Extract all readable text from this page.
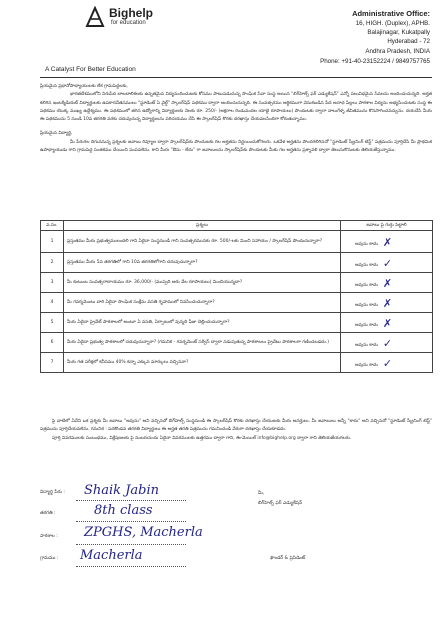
Bighelp
for education
A Catalyst For Better Education
Administrative Office:
16, HIGH. (Duplex), APHB.
Balajinagar, Kukatpally
Hyderabad - 72
Andhra Pradesh, INDIA
Phone: +91-40-23152224 / 9849757765

ప్రియమైన ప్రధానోపాధ్యాయులకు లేక గ్రామపెద్దలకు,

భారతదేశములోని నిరుపేద బాలబాలికలకు ఉన్నతమైన విద్యనందించుటకు కోసము పాటుపడుచున్న సాంఘిక సేవా సంస్థ అయిన "బిగ్‌హెల్ప్ ఫర్ ఎడ్యుకేషన్" ఎన్నో పలువిధమైన సేవలను అందించుచున్నది. అర్హత కలిగిన ఇంటర్మీడియట్ విద్యార్థులకు ఉపకారవేతనములు "స్టూడెంట్ ఏ వైల్డ్" స్కాలర్‌షిప్ పథకము ద్వారా అందించుచున్నది. ఈ సంవత్సరము ఆర్థికముగా వెనుకబడిన పేద అనాధ పిల్లలు పాఠశాల విద్యను అభ్యసించుటకు సంస్థ ఈ పథకము యొక్క ముఖ్య ఉద్దేశ్యము. ఈ పథకములో తగిన ఉద్యోగాన్ని విద్యార్థులకు నెలకు రూ. 250/- (అక్షరాల రెండువందల యాభై రూపాయలు) పొందుటకు ద్వారా నాలుగేళ్ళ జీవితమును కొనసాగించవచ్చును. దయచేసి మీరు ఈ పథకమును 5 నుండి 10వ తరగతి వరకు చదువుచున్న విద్యార్థులను పరిచయము చేసి ఈ స్కాలర్‌షిప్ కొరకు దరఖాస్తు చేయవలసిందిగా కోరుతున్నాము.

ప్రియమైన విద్యార్థి,

మీ పేరుగల దిగువనున్న ప్రశ్నలకు జవాబు రివ్యూల ద్వారా స్కాలర్‌షిప్‌కు పొందుటకు గల అర్హతను నిర్ణయించుకోగలరు. ఒకవేళ అర్హతను పొందగలిగినచో "స్టూడెంట్ స్క్రీనింగ్ టెస్ట్" పత్రమును పూర్తిచేసి మీ ప్రాథమిక ఉపాధ్యాయుడు గాని గ్రామపెద్ద సంతకము చేయించి పంపవలెను. కాని మీరు "ఔను - లేదు" గా జవాబులను స్కాలర్‌షిప్‌కు పొందుటకు మీకు గల అర్హతను ప్రశ్నావళి ద్వారా తెలుసుకొనుటకు తెలియజేస్తున్నాము.

వ.సం.	ప్రశ్నలు	జవాబు పై గుర్తు పెట్టాలి
1	ప్రస్తుతము మీరు ప్రభుత్వములందలి గాని ఏదైనా సంస్థనుండి గాని సంవత్సరమునకు రూ. 500/-లకు మించి సహాయం / స్కాలర్‌షిప్ పొందుచున్నారా?	అవును కాదు ✗
2	ప్రస్తుతము మీరు 5వ తరగతిలో గాని 10వ తరగతిలోగాని చదువుచున్నారా?	అవును కాదు ✓
3	మీ కుటుంబ సంవత్సరాదాయము రూ. 36,000/- (ముప్పది ఆరు వేల రూపాయలు) మించియున్నదా?	అవును కాదు ✗
4	మీ గవర్నమెంటు వారి ఏదైనా సాంఘిక సంక్షేమ వసతి గృహములో నివసించుచున్నారా?	అవును కాదు ✗
5	మీరు ఏదైనా ప్రైవేట్ పాఠశాలలో అంటూ ఏ వసతి, ఏర్పాటులో వున్నది ఫీజు చెల్లించుచున్నారా?	అవును కాదు ✗
6	మీరు ఏదైనా ప్రభుత్వ పాఠశాలలో చదువుచున్నారా? (గమనిక - గవర్నమెంట్ సర్వీస్ ద్వారా నడుపుతున్న పాఠశాలలు ప్రైవేటు పాఠశాలగా గణించబడదు.)	అవును కాదు ✓
7	మీరు గత పరీక్షలో కనీసము 40% కన్నా ఎక్కువ మార్కులు వచ్చినవా?	అవును కాదు ✓

పై వాటిలో ఏవేని ఒక ప్రశ్నకు మీ జవాబు "అవును" అని వచ్చినచో బిగ్‌హెల్ప్ సంస్థనుండి ఈ స్కాలర్‌షిప్ కొరకు దరఖాస్తు చేయుటకు మీరు అనర్హులు. మీ జవాబులు అన్నీ "కాదు" అని వచ్చినచో "స్టూడెంట్ స్క్రీనింగ్ టెస్ట్" పత్రమును పూర్తిచేయవలెను. గమనిక : పదకొండవ తరగతి విద్యార్థులు ఈ అర్హత తరతి పత్రమును గమనించండి వేరుగా దరఖాస్తు చేయకూడదు.

పూర్తి వివరములకు సంబంధము, విశ్లేషణలకు పై నంబరునందు ఏదైనా వివరములకు ఉత్తరము ద్వారా గాని, ఈ-మెయిల్ info@bighelp.org ద్వారా గాని తెలియజేయగలరు.

విద్యార్థి పేరు : Shaik Jabin
తరగతి :	8th class
పాఠశాల : ZPGHS, Macherla
గ్రామము : Macherla
మీ,
బిగ్‌హెల్ప్ ఫర్ ఎడ్యుకేషన్
ఫౌండర్ & ప్రెసిడెంట్
